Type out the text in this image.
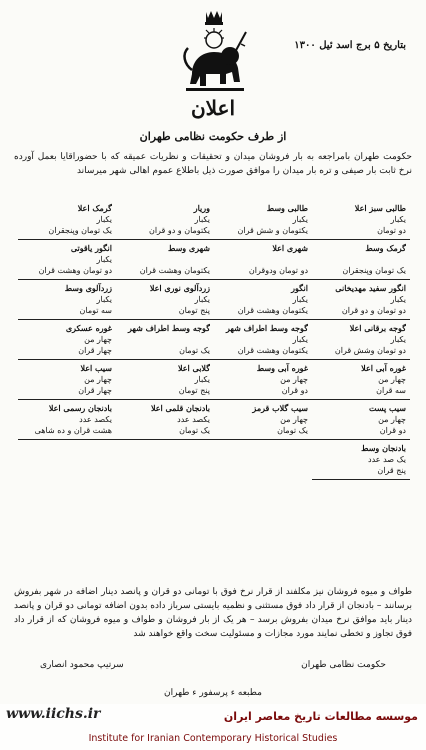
بتاریخ ۵ برج اسد ئیل ۱۳۰۰
اعلان
از طرف حکومت نظامی طهران
حکومت طهران بامراجعه به بار فروشان میدان و تحقیقات و نظریات عمیقه که با حضوراقایا بعمل آورده نرخ ثابت بار صیفی و تره بار میدان را موافق صورت ذیل باطلاع عموم اهالی شهر میرساند
طالبی سبز اعلا
یکبار
دو تومان
طالبی وسط
یکبار
یکتومان و شش قران
وریار
یکبار
یکتومان و دو قران
گرمک اعلا
یکبار
یک تومان وپنجقران
گرمک وسط

یک تومان وپنجقران
شهری اعلا

دو تومان ودوقران
شهری وسط

یکتومان وهشت قران
انگور یاقوتی
یکبار
دو تومان وهشت قران
انگور سفید مهدیخانی
یکبار
دو تومان و دو قران
انگور
یکبار
یکتومان وهشت قران
زردآلوی نوری اعلا
یکبار
پنج تومان
زردآلوی وسط
یکبار
سه تومان
گوجه برقانی اعلا
یکبار
دو تومان وشش قران
گوجه وسط اطراف شهر
یکبار
یکتومان وهشت قران
گوجه وسط اطراف شهر

یک تومان
غوره عسکری
چهار من
چهار قران
غوره آبی اعلا
چهار من
سه قران
غوره آبی وسط
چهار من
دو قران
گلابی اعلا
یکبار
پنج تومان
سیب اعلا
چهار من
چهار قران
سیب پست
چهار من
دو قران
سیب گلاب قرمز
چهار من
یک تومان
بادنجان قلمی اعلا
یکصد عدد
یک تومان
بادنجان رسمی اعلا
یکصد عدد
هشت قران و ده شاهی
بادنجان وسط
یک صد عدد
پنج قران
طواف و میوه فروشان نیز مکلفند از قرار نرخ فوق با تومانی دو قران و پانصد دینار اضافه در شهر بفروش برسانند – بادنجان از قرار داد فوق مستثنی و نظمیه بایستی سرباز داده بدون اضافه تومانی دو قران و پانصد دینار باید موافق نرخ میدان بفروش برسد – هر یک از بار فروشان و طواف و میوه فروشان که از قرار داد فوق تجاوز و تخطی نمایند مورد مجازات و مسئولیت سخت واقع خواهند شد
حکومت نظامی طهران
سرتیپ محمود انصاری
مطبعه ء پرسفور ء طهران
موسسه مطالعات تاریخ معاصر ایران
www.iichs.ir
Institute for Iranian Contemporary Historical Studies
